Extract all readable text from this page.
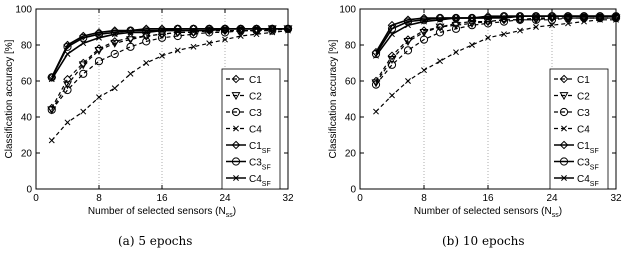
0	8	16	24	32
0
20
40
60
80
100
Number of selected sensors $(N_{ss})$
Classification accuracy [%]	C1
C2
C3
C4
$C1_{SF}$
$C3_{SF}$
$C4_{SF}$
0	8	16	24	32
0
20
40
60
80
100
Number of selected sensors $(N_{ss})$
Classification accuracy [%]	C1
C2
C3
C4
$C1_{SF}$
$C3_{SF}$
$C4_{SF}$
(a) 5 epochs	(b) 10 epochs
